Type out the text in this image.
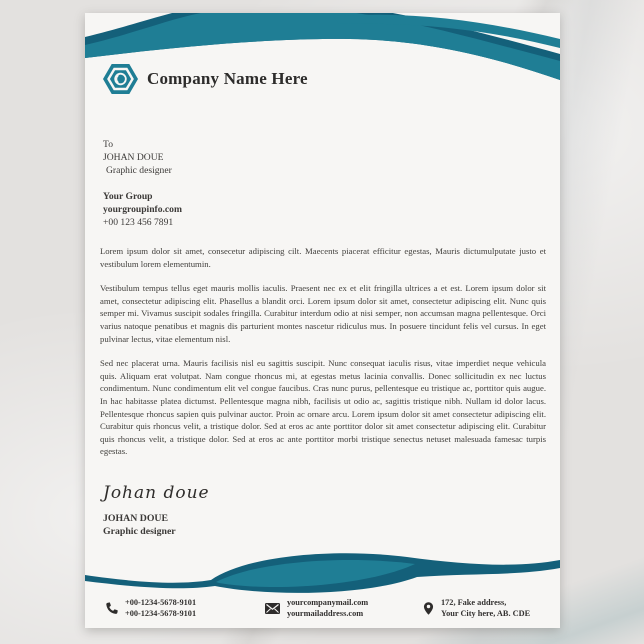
Company Name Here
To
JOHAN DOUE
Graphic designer
Your Group
yourgroupinfo.com
+00 123 456 7891

Lorem ipsum dolor sit amet, consecetur adipiscing cilt. Maecents piacerat efficitur egestas, Mauris dictumulputate justo et vestibulum lorem elementumin.

Vestibulum tempus tellus eget mauris mollis iaculis. Praesent nec ex et elit fringilla ultrices a et est. Lorem ipsum dolor sit amet, consectetur adipiscing elit. Phasellus a blandit orci. Lorem ipsum dolor sit amet, consectetur adipiscing elit. Nunc quis semper mi. Vivamus suscipit sodales fringilla. Curabitur interdum odio at nisi semper, non accumsan magna pellentesque. Orci varius natoque penatibus et magnis dis parturient montes nascetur ridiculus mus. In posuere tincidunt felis vel cursus. In eget pulvinar lectus, vitae elementum nisl.

Sed nec placerat urna. Mauris facilisis nisl eu sagittis suscipit. Nunc consequat iaculis risus, vitae imperdiet neque vehicula quis. Aliquam erat volutpat. Nam congue rhoncus mi, at egestas metus lacinia convallis. Donec sollicitudin ex nec luctus condimentum. Nunc condimentum elit vel congue faucibus. Cras nunc purus, pellentesque eu tristique ac, porttitor quis augue. In hac habitasse platea dictumst. Pellentesque magna nibh, facilisis ut odio ac, sagittis tristique nibh. Nullam id dolor lacus. Pellentesque rhoncus sapien quis pulvinar auctor. Proin ac ornare arcu. Lorem ipsum dolor sit amet consectetur adipiscing elit. Curabitur quis rhoncus velit, a tristique dolor. Sed at eros ac ante porttitor dolor sit amet consectetur adipiscing elit. Curabitur quis rhoncus velit, a tristique dolor. Sed at eros ac ante porttitor morbi tristique senectus netuset malesuada famesac turpis egestas.

Johan doue
JOHAN DOUE
Graphic designer
+00-1234-5678-9101
+00-1234-5678-9101
yourcompanymail.com
yourmailaddress.com
172, Fake address,
Your City here, AB. CDE
